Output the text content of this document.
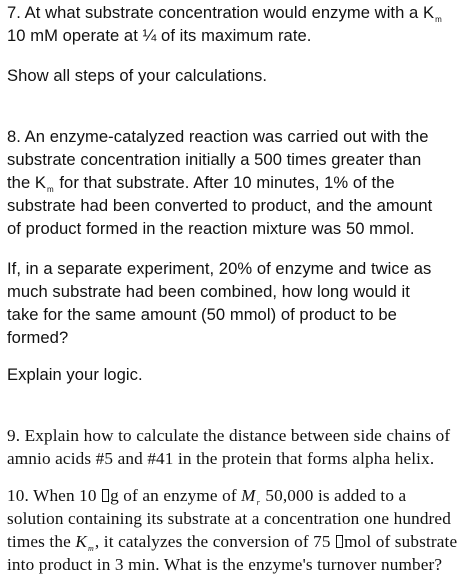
7. At what substrate concentration would enzyme with a $K_m$
10 mM operate at ¼ of its maximum rate.
Show all steps of your calculations.
8. An enzyme-catalyzed reaction was carried out with the
substrate concentration initially a 500 times greater than
the $K_m$ for that substrate. After 10 minutes, 1% of the
substrate had been converted to product, and the amount
of product formed in the reaction mixture was 50 mmol.
If, in a separate experiment, 20% of enzyme and twice as
much substrate had been combined, how long would it
take for the same amount (50 mmol) of product to be
formed?
Explain your logic.
9. Explain how to calculate the distance between side chains of
amnio acids #5 and #41 in the protein that forms alpha helix.
10. When 10 g of an enzyme of $M_r$ 50,000 is added to a
solution containing its substrate at a concentration one hundred
times the $K_m$, it catalyzes the conversion of 75 mol of substrate
into product in 3 min. What is the enzyme's turnover number?
